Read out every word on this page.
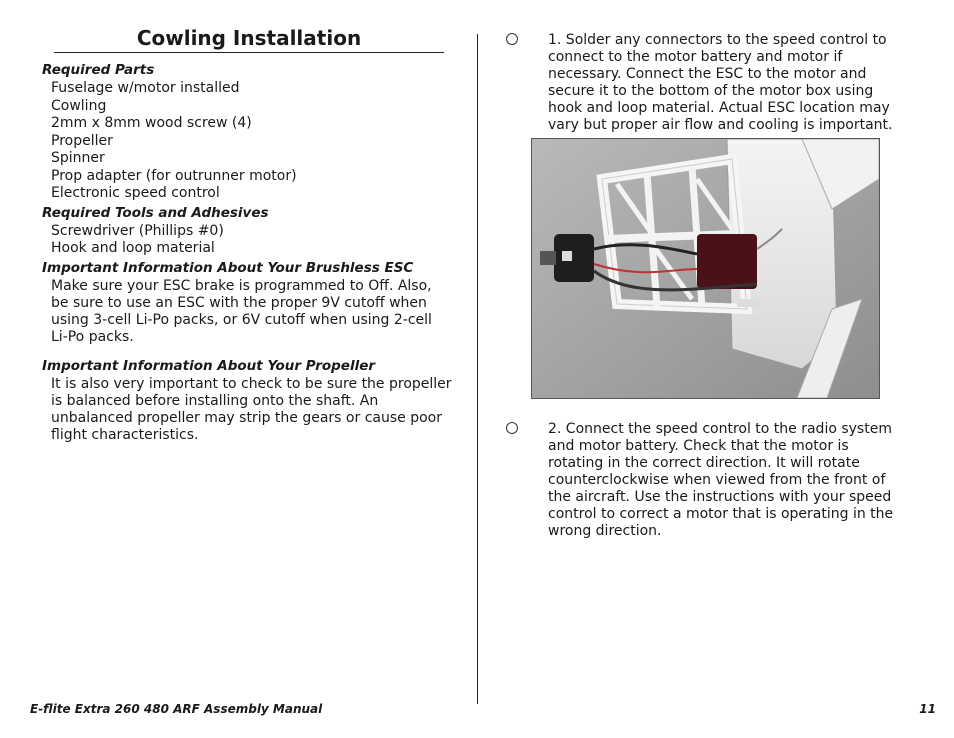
Cowling Installation
Required Parts
Fuselage w/motor installed
Cowling
2mm x 8mm wood screw (4)
Propeller
Spinner
Prop adapter (for outrunner motor)
Electronic speed control
Required Tools and Adhesives
Screwdriver (Phillips #0)
Hook and loop material
Important Information About Your Brushless ESC

Make sure your ESC brake is programmed to Off. Also, be sure to use an ESC with the proper 9V cutoff when using 3-cell Li-Po packs, or 6V cutoff when using 2-cell Li-Po packs.

Important Information About Your Propeller

It is also very important to check to be sure the propeller is balanced before installing onto the shaft. An unbalanced propeller may strip the gears or cause poor flight characteristics.

1. Solder any connectors to the speed control to connect to the motor battery and motor if necessary. Connect the ESC to the motor and secure it to the bottom of the motor box using hook and loop material. Actual ESC location may vary but proper air flow and cooling is important.
2. Connect the speed control to the radio system and motor battery. Check that the motor is rotating in the correct direction. It will rotate counterclockwise when viewed from the front of the aircraft. Use the instructions with your speed control to correct a motor that is operating in the wrong direction.
E-flite Extra 260 480 ARF Assembly Manual	11
